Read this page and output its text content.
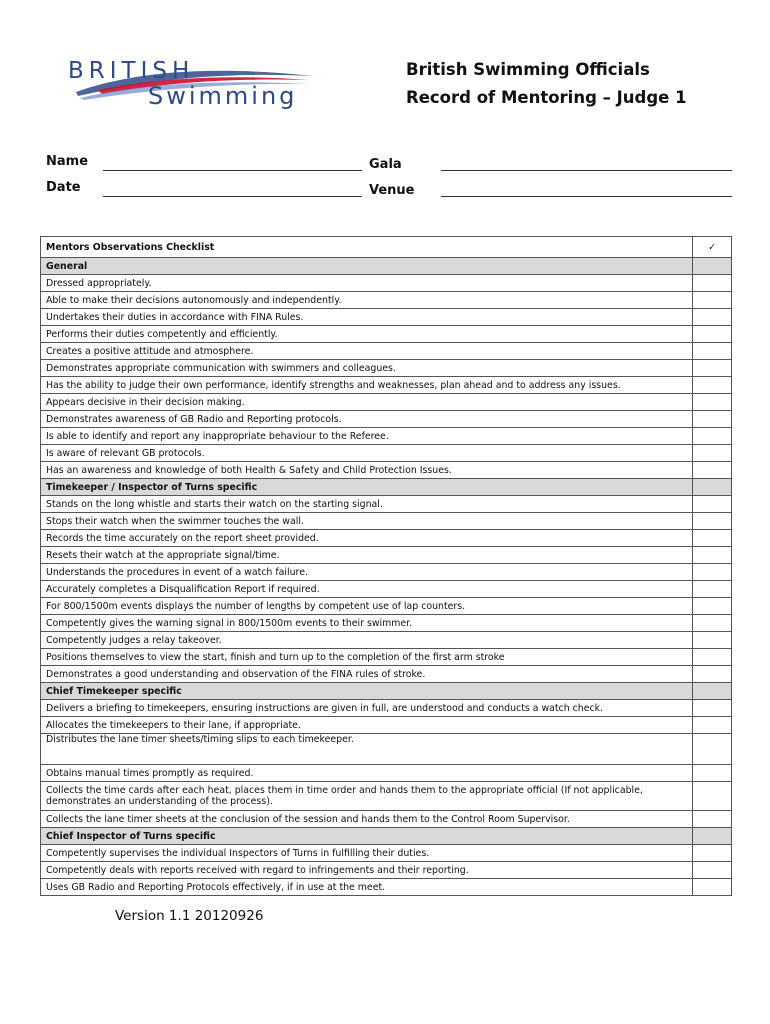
BRITISH
Swimming
British Swimming Officials
Record of Mentoring – Judge 1
Name	Gala
Date	Venue
Mentors Observations Checklist	✓
General	
Dressed appropriately.	
Able to make their decisions autonomously and independently.	
Undertakes their duties in accordance with FINA Rules.	
Performs their duties competently and efficiently.	
Creates a positive attitude and atmosphere.	
Demonstrates appropriate communication with swimmers and colleagues.	
Has the ability to judge their own performance, identify strengths and weaknesses, plan ahead and to address any issues.	
Appears decisive in their decision making.	
Demonstrates awareness of GB Radio and Reporting protocols.	
Is able to identify and report any inappropriate behaviour to the Referee.	
Is aware of relevant GB protocols.	
Has an awareness and knowledge of both Health & Safety and Child Protection Issues.	
Timekeeper / Inspector of Turns specific	
Stands on the long whistle and starts their watch on the starting signal.	
Stops their watch when the swimmer touches the wall.	
Records the time accurately on the report sheet provided.	
Resets their watch at the appropriate signal/time.	
Understands the procedures in event of a watch failure.	
Accurately completes a Disqualification Report if required.	
For 800/1500m events displays the number of lengths by competent use of lap counters.	
Competently gives the warning signal in 800/1500m events to their swimmer.	
Competently judges a relay takeover.	
Positions themselves to view the start, finish and turn up to the completion of the first arm stroke	
Demonstrates a good understanding and observation of the FINA rules of stroke.	
Chief Timekeeper specific	
Delivers a briefing to timekeepers, ensuring instructions are given in full, are understood and conducts a watch check.	
Allocates the timekeepers to their lane, if appropriate.	
Distributes the lane timer sheets/timing slips to each timekeeper.	
Obtains manual times promptly as required.	
Collects the time cards after each heat, places them in time order and hands them to the appropriate official (If not applicable, demonstrates an understanding of the process).	
Collects the lane timer sheets at the conclusion of the session and hands them to the Control Room Supervisor.	
Chief Inspector of Turns specific	
Competently supervises the individual Inspectors of Turns in fulfilling their duties.	
Competently deals with reports received with regard to infringements and their reporting.	
Uses GB Radio and Reporting Protocols effectively, if in use at the meet.	
Version 1.1 20120926
